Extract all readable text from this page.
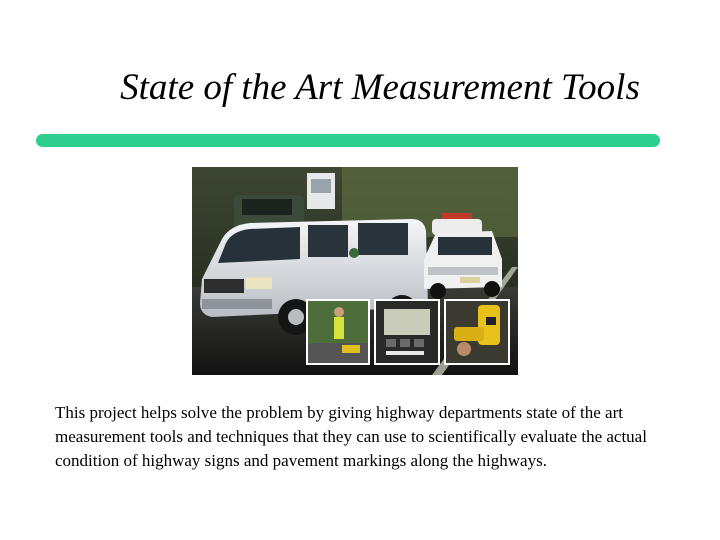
State of the Art Measurement Tools
This project helps solve the problem by giving highway departments state of the art measurement tools and techniques that they can use to scientifically evaluate the actual condition of highway signs and pavement markings along the highways.
